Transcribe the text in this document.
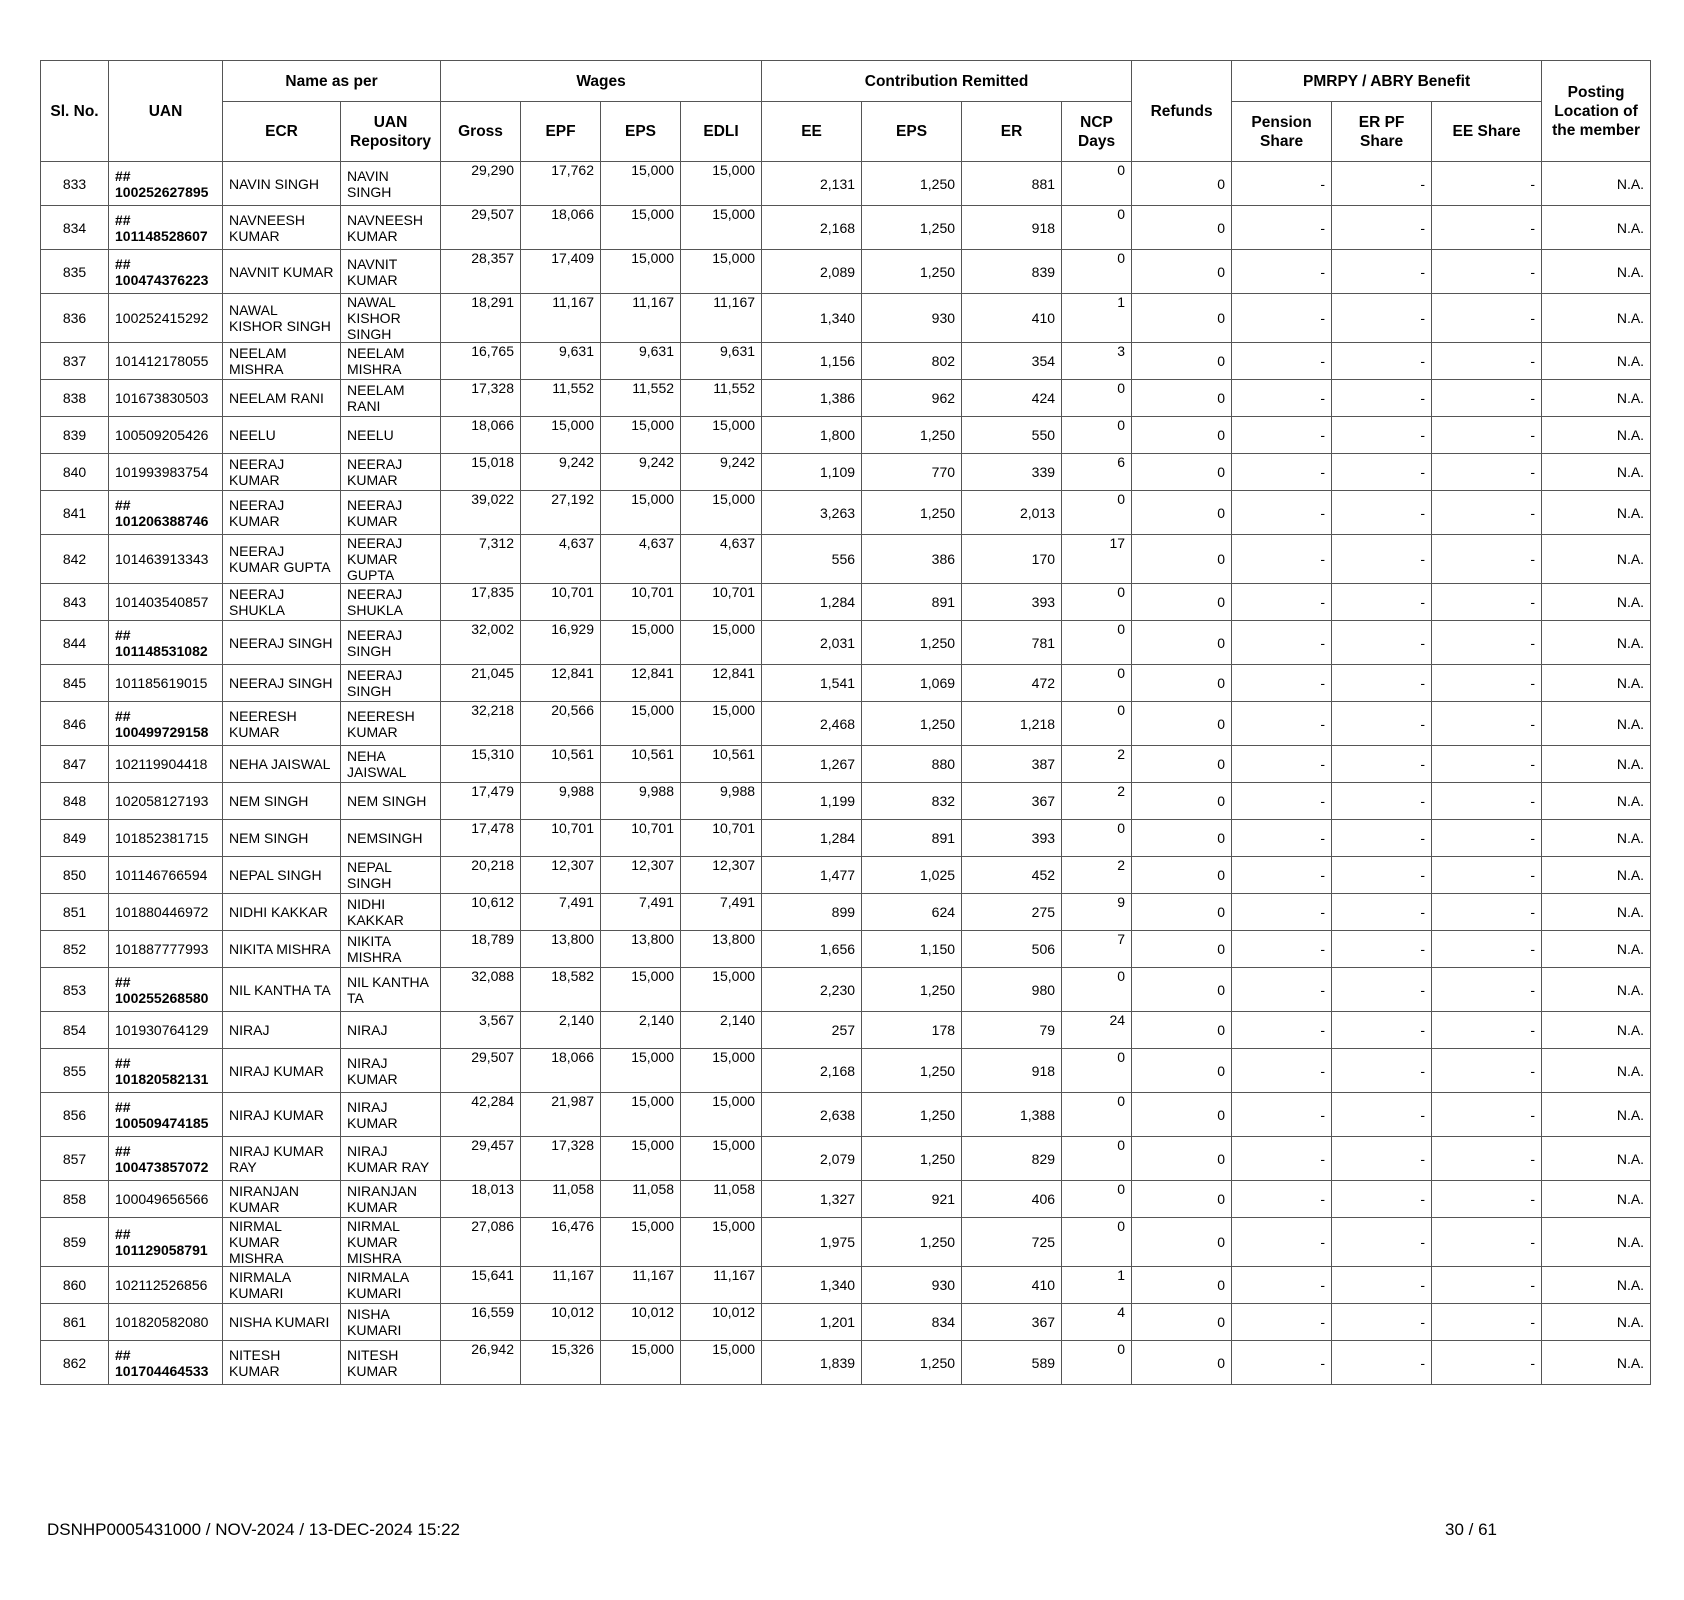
Sl. No.	UAN	Name as per		Wages				Contribution Remitted				Refunds	PMRPY / ABRY Benefit			Posting Location of the member
		ECR	UAN Repository	Gross	EPF	EPS	EDLI	EE	EPS	ER	NCP Days		Pension Share	ER PF Share	EE Share	
833	## 100252627895	NAVIN SINGH	NAVIN SINGH	29,290	17,762	15,000	15,000	2,131	1,250	881	0	0	-	-	-	N.A.
834	## 101148528607	NAVNEESH KUMAR	NAVNEESH KUMAR	29,507	18,066	15,000	15,000	2,168	1,250	918	0	0	-	-	-	N.A.
835	## 100474376223	NAVNIT KUMAR	NAVNIT KUMAR	28,357	17,409	15,000	15,000	2,089	1,250	839	0	0	-	-	-	N.A.
836	100252415292	NAWAL KISHOR SINGH	NAWAL KISHOR SINGH	18,291	11,167	11,167	11,167	1,340	930	410	1	0	-	-	-	N.A.
837	101412178055	NEELAM MISHRA	NEELAM MISHRA	16,765	9,631	9,631	9,631	1,156	802	354	3	0	-	-	-	N.A.
838	101673830503	NEELAM RANI	NEELAM RANI	17,328	11,552	11,552	11,552	1,386	962	424	0	0	-	-	-	N.A.
839	100509205426	NEELU	NEELU	18,066	15,000	15,000	15,000	1,800	1,250	550	0	0	-	-	-	N.A.
840	101993983754	NEERAJ KUMAR	NEERAJ KUMAR	15,018	9,242	9,242	9,242	1,109	770	339	6	0	-	-	-	N.A.
841	## 101206388746	NEERAJ KUMAR	NEERAJ KUMAR	39,022	27,192	15,000	15,000	3,263	1,250	2,013	0	0	-	-	-	N.A.
842	101463913343	NEERAJ KUMAR GUPTA	NEERAJ KUMAR GUPTA	7,312	4,637	4,637	4,637	556	386	170	17	0	-	-	-	N.A.
843	101403540857	NEERAJ SHUKLA	NEERAJ SHUKLA	17,835	10,701	10,701	10,701	1,284	891	393	0	0	-	-	-	N.A.
844	## 101148531082	NEERAJ SINGH	NEERAJ SINGH	32,002	16,929	15,000	15,000	2,031	1,250	781	0	0	-	-	-	N.A.
845	101185619015	NEERAJ SINGH	NEERAJ SINGH	21,045	12,841	12,841	12,841	1,541	1,069	472	0	0	-	-	-	N.A.
846	## 100499729158	NEERESH KUMAR	NEERESH KUMAR	32,218	20,566	15,000	15,000	2,468	1,250	1,218	0	0	-	-	-	N.A.
847	102119904418	NEHA JAISWAL	NEHA JAISWAL	15,310	10,561	10,561	10,561	1,267	880	387	2	0	-	-	-	N.A.
848	102058127193	NEM SINGH	NEM SINGH	17,479	9,988	9,988	9,988	1,199	832	367	2	0	-	-	-	N.A.
849	101852381715	NEM SINGH	NEMSINGH	17,478	10,701	10,701	10,701	1,284	891	393	0	0	-	-	-	N.A.
850	101146766594	NEPAL SINGH	NEPAL SINGH	20,218	12,307	12,307	12,307	1,477	1,025	452	2	0	-	-	-	N.A.
851	101880446972	NIDHI KAKKAR	NIDHI KAKKAR	10,612	7,491	7,491	7,491	899	624	275	9	0	-	-	-	N.A.
852	101887777993	NIKITA MISHRA	NIKITA MISHRA	18,789	13,800	13,800	13,800	1,656	1,150	506	7	0	-	-	-	N.A.
853	## 100255268580	NIL KANTHA TA	NIL KANTHA TA	32,088	18,582	15,000	15,000	2,230	1,250	980	0	0	-	-	-	N.A.
854	101930764129	NIRAJ	NIRAJ	3,567	2,140	2,140	2,140	257	178	79	24	0	-	-	-	N.A.
855	## 101820582131	NIRAJ KUMAR	NIRAJ KUMAR	29,507	18,066	15,000	15,000	2,168	1,250	918	0	0	-	-	-	N.A.
856	## 100509474185	NIRAJ KUMAR	NIRAJ KUMAR	42,284	21,987	15,000	15,000	2,638	1,250	1,388	0	0	-	-	-	N.A.
857	## 100473857072	NIRAJ KUMAR RAY	NIRAJ KUMAR RAY	29,457	17,328	15,000	15,000	2,079	1,250	829	0	0	-	-	-	N.A.
858	100049656566	NIRANJAN KUMAR	NIRANJAN KUMAR	18,013	11,058	11,058	11,058	1,327	921	406	0	0	-	-	-	N.A.
859	## 101129058791	NIRMAL KUMAR MISHRA	NIRMAL KUMAR MISHRA	27,086	16,476	15,000	15,000	1,975	1,250	725	0	0	-	-	-	N.A.
860	102112526856	NIRMALA KUMARI	NIRMALA KUMARI	15,641	11,167	11,167	11,167	1,340	930	410	1	0	-	-	-	N.A.
861	101820582080	NISHA KUMARI	NISHA KUMARI	16,559	10,012	10,012	10,012	1,201	834	367	4	0	-	-	-	N.A.
862	## 101704464533	NITESH KUMAR	NITESH KUMAR	26,942	15,326	15,000	15,000	1,839	1,250	589	0	0	-	-	-	N.A.
DSNHP0005431000 / NOV-2024 / 13-DEC-2024 15:22	30 / 61
